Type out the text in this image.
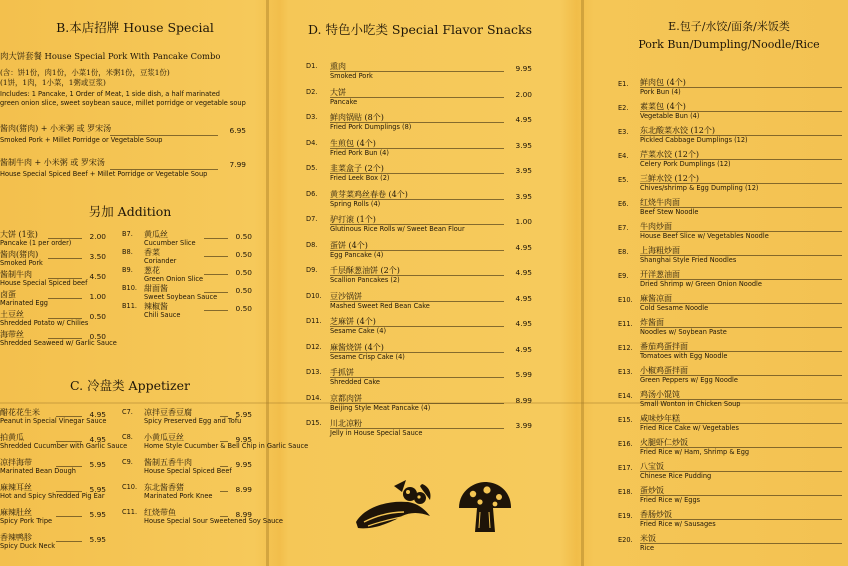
B.本店招牌 House Special
肉大饼套餐 House Special Pork With Pancake Combo
(含：饼1份，肉1份，小菜1份，米粥1份，豆浆1份)
(1饼，1肉，1小菜，1粥或豆浆)
Includes: 1 Pancake, 1 Order of Meat, 1 side dish, a half marinated
green onion slice, sweet soybean sauce, millet porridge or vegetable soup
酱肉(猪肉) + 小米粥 或 罗宋汤
Smoked Pork + Millet Porridge or Vegetable Soup
6.95
酱制牛肉 + 小米粥 或 罗宋汤
House Special Spiced Beef + Millet Porridge or Vegetable Soup
7.99
另加 Addition
大饼 (1张)
Pancake (1 per order)
2.00
酱肉(猪肉)
Smoked Pork
3.50
酱制牛肉
House Special Spiced beef
4.50
卤蛋
Marinated Egg
1.00
土豆丝
Shredded Potato w/ Chilies
0.50
海带丝
Shredded Seaweed w/ Garlic Sauce
0.50
B7. 黄瓜丝
Cucumber Slice
0.50
B8. 香菜
Coriander
0.50
B9. 葱花
Green Onion Slice
0.50
B10. 甜面酱
Sweet Soybean Sauce
0.50
B11. 辣椒酱
Chili Sauce
0.50
C. 冷盘类 Appetizer
醋花花生米
Peanut in Special Vinegar Sauce
4.95
拍黄瓜
Shredded Cucumber with Garlic Sauce
4.95
凉拌海带
Marinated Bean Dough
5.95
麻辣耳丝
Hot and Spicy Shredded Pig Ear
5.95
麻辣肚丝
Spicy Pork Tripe
5.95
香辣鸭胗
Spicy Duck Neck
5.95
C7. 凉拌豆香豆腐
Spicy Preserved Egg and Tofu
5.95
C8. 小黄瓜豆丝
Home Style Cucumber & Bell Chip in Garlic Sauce
9.95
C9. 酱制五香牛肉
House Special Spiced Beef
9.95
C10. 东北酱香猪
Marinated Pork Knee
8.99
C11. 红烧带鱼
House Special Sour Sweetened Soy Sauce
8.99
D. 特色小吃类 Special Flavor Snacks
D1. 熏肉
Smoked Pork
9.95
D2. 大饼
Pancake
2.00
D3. 鲜肉锅贴 (8个)
Fried Pork Dumplings (8)
4.95
D4. 生煎包 (4个)
Fried Pork Bun (4)
3.95
D5. 韭菜盒子 (2个)
Fried Leek Box (2)
3.95
D6. 黄芽菜鸡丝春卷 (4个)
Spring Rolls (4)
3.95
D7. 驴打滚 (1个)
Glutinous Rice Rolls w/ Sweet Bean Flour
1.00
D8. 蛋饼 (4个)
Egg Pancake (4)
4.95
D9. 千层酥葱油饼 (2个)
Scallion Pancakes (2)
4.95
D10. 豆沙锅饼
Mashed Sweet Red Bean Cake
4.95
D11. 芝麻饼 (4个)
Sesame Cake (4)
4.95
D12. 麻酱烧饼 (4个)
Sesame Crisp Cake (4)
4.95
D13. 手抓饼
Shredded Cake
5.99
D14. 京都肉饼
Beijing Style Meat Pancake (4)
8.99
D15. 川北凉粉
Jelly in House Special Sauce
3.99
E.包子/水饺/面条/米饭类
Pork Bun/Dumpling/Noodle/Rice
E1. 鲜肉包 (4个)
Pork Bun (4)
E2. 素菜包 (4个)
Vegetable Bun (4)
E3. 东北酸菜水饺 (12个)
Pickled Cabbage Dumplings (12)
E4. 芹菜水饺 (12个)
Celery Pork Dumplings (12)
E5. 三鲜水饺 (12个)
Chives/shrimp & Egg Dumpling (12)
E6. 红烧牛肉面
Beef Stew Noodle
E7. 牛肉炒面
House Beef Slice w/ Vegetables Noodle
E8. 上海粗炒面
Shanghai Style Fried Noodles
E9. 开洋葱油面
Dried Shrimp w/ Green Onion Noodle
E10. 麻酱凉面
Cold Sesame Noodle
E11. 炸酱面
Noodles w/ Soybean Paste
E12. 番茄鸡蛋拌面
Tomatoes with Egg Noodle
E13. 小椒鸡蛋拌面
Green Peppers w/ Egg Noodle
E14. 鸡汤小馄饨
Small Wonton in Chicken Soup
E15. 咸味炒年糕
Fried Rice Cake w/ Vegetables
E16. 火腿虾仁炒饭
Fried Rice w/ Ham, Shrimp & Egg
E17. 八宝饭
Chinese Rice Pudding
E18. 蛋炒饭
Fried Rice w/ Eggs
E19. 香肠炒饭
Fried Rice w/ Sausages
E20. 米饭
Rice
